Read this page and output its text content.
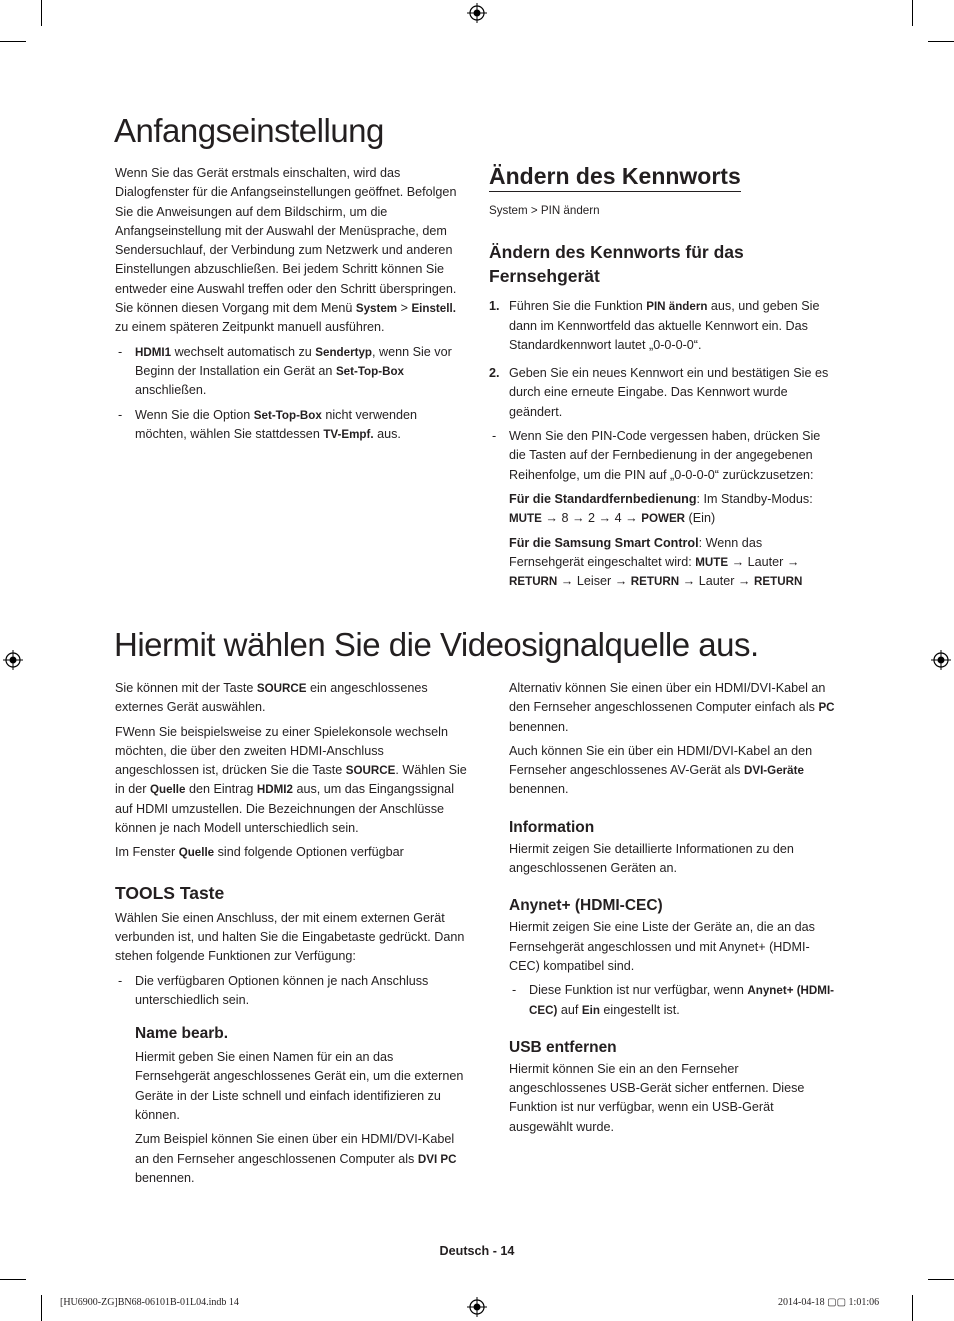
Anfangseinstellung

Wenn Sie das Gerät erstmals einschalten, wird das Dialogfenster für die Anfangseinstellungen geöffnet. Befolgen Sie die Anweisungen auf dem Bildschirm, um die Anfangseinstellung mit der Auswahl der Menüsprache, dem Sendersuchlauf, der Verbindung zum Netzwerk und anderen Einstellungen abzuschließen. Bei jedem Schritt können Sie entweder eine Auswahl treffen oder den Schritt überspringen. Sie können diesen Vorgang mit dem Menü System > Einstell. zu einem späteren Zeitpunkt manuell ausführen.

- HDMI1 wechselt automatisch zu Sendertyp, wenn Sie vor Beginn der Installation ein Gerät an Set-Top-Box anschließen.
- Wenn Sie die Option Set-Top-Box nicht verwenden möchten, wählen Sie stattdessen TV-Empf. aus.
Ändern des Kennworts

System > PIN ändern

Ändern des Kennworts für das Fernsehgerät
1. Führen Sie die Funktion PIN ändern aus, und geben Sie dann im Kennwortfeld das aktuelle Kennwort ein. Das Standardkennwort lautet „0-0-0-0“.
2. Geben Sie ein neues Kennwort ein und bestätigen Sie es durch eine erneute Eingabe. Das Kennwort wurde geändert.
- Wenn Sie den PIN-Code vergessen haben, drücken Sie die Tasten auf der Fernbedienung in der angegebenen Reihenfolge, um die PIN auf „0-0-0-0“ zurückzusetzen:

Für die Standardfernbedienung: Im Standby-Modus: MUTE → 8 → 2 → 4 → POWER (Ein)

Für die Samsung Smart Control: Wenn das Fernsehgerät eingeschaltet wird: MUTE → Lauter → RETURN → Leiser → RETURN → Lauter → RETURN

Hiermit wählen Sie die Videosignalquelle aus.

Sie können mit der Taste SOURCE ein angeschlossenes externes Gerät auswählen.

FWenn Sie beispielsweise zu einer Spielekonsole wechseln möchten, die über den zweiten HDMI-Anschluss angeschlossen ist, drücken Sie die Taste SOURCE. Wählen Sie in der Quelle den Eintrag HDMI2 aus, um das Eingangssignal auf HDMI umzustellen. Die Bezeichnungen der Anschlüsse können je nach Modell unterschiedlich sein.

Im Fenster Quelle sind folgende Optionen verfügbar

TOOLS Taste

Wählen Sie einen Anschluss, der mit einem externen Gerät verbunden ist, und halten Sie die Eingabetaste gedrückt. Dann stehen folgende Funktionen zur Verfügung:

- Die verfügbaren Optionen können je nach Anschluss unterschiedlich sein.
Name bearb.

Hiermit geben Sie einen Namen für ein an das Fernsehgerät angeschlossenes Gerät ein, um die externen Geräte in der Liste schnell und einfach identifizieren zu können.

Zum Beispiel können Sie einen über ein HDMI/DVI-Kabel an den Fernseher angeschlossenen Computer als DVI PC benennen.

Alternativ können Sie einen über ein HDMI/DVI-Kabel an den Fernseher angeschlossenen Computer einfach als PC benennen.

Auch können Sie ein über ein HDMI/DVI-Kabel an den Fernseher angeschlossenes AV-Gerät als DVI-Geräte benennen.

Information

Hiermit zeigen Sie detaillierte Informationen zu den angeschlossenen Geräten an.

Anynet+ (HDMI-CEC)

Hiermit zeigen Sie eine Liste der Geräte an, die an das Fernsehgerät angeschlossen und mit Anynet+ (HDMI-CEC) kompatibel sind.

- Diese Funktion ist nur verfügbar, wenn Anynet+ (HDMI-CEC) auf Ein eingestellt ist.
USB entfernen

Hiermit können Sie ein an den Fernseher angeschlossenes USB-Gerät sicher entfernen. Diese Funktion ist nur verfügbar, wenn ein USB-Gerät ausgewählt wurde.

Deutsch - 14
[HU6900-ZG]BN68-06101B-01L04.indb 14	2014-04-18 ▢▢ 1:01:06
